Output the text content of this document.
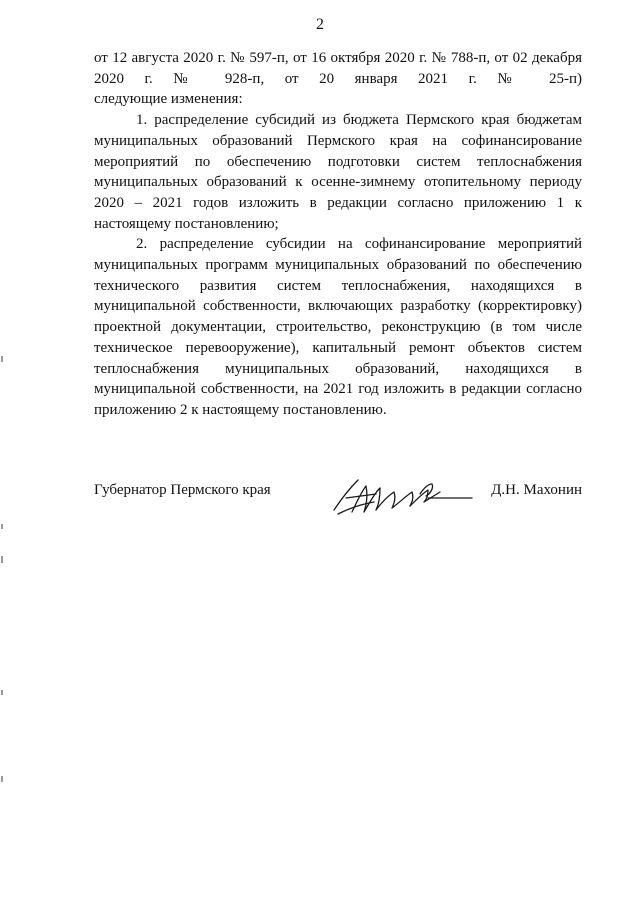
2

от 12 августа 2020 г. № 597-п, от 16 октября 2020 г. № 788-п, от 02 декабря 2020 г. № 928-п, от 20 января 2021 г. № 25-п)
следующие изменения:

1. распределение субсидий из бюджета Пермского края бюджетам муниципальных образований Пермского края на софинансирование мероприятий по обеспечению подготовки систем теплоснабжения муниципальных образований к осенне-зимнему отопительному периоду 2020 – 2021 годов изложить в редакции согласно приложению 1 к настоящему постановлению;

2. распределение субсидии на софинансирование мероприятий муниципальных программ муниципальных образований по обеспечению технического развития систем теплоснабжения, находящихся в муниципальной собственности, включающих разработку (корректировку) проектной документации, строительство, реконструкцию (в том числе техническое перевооружение), капитальный ремонт объектов систем теплоснабжения муниципальных образований, находящихся в муниципальной собственности, на 2021 год изложить в редакции согласно приложению 2 к настоящему постановлению.

Губернатор Пермского края	Д.Н. Махонин
